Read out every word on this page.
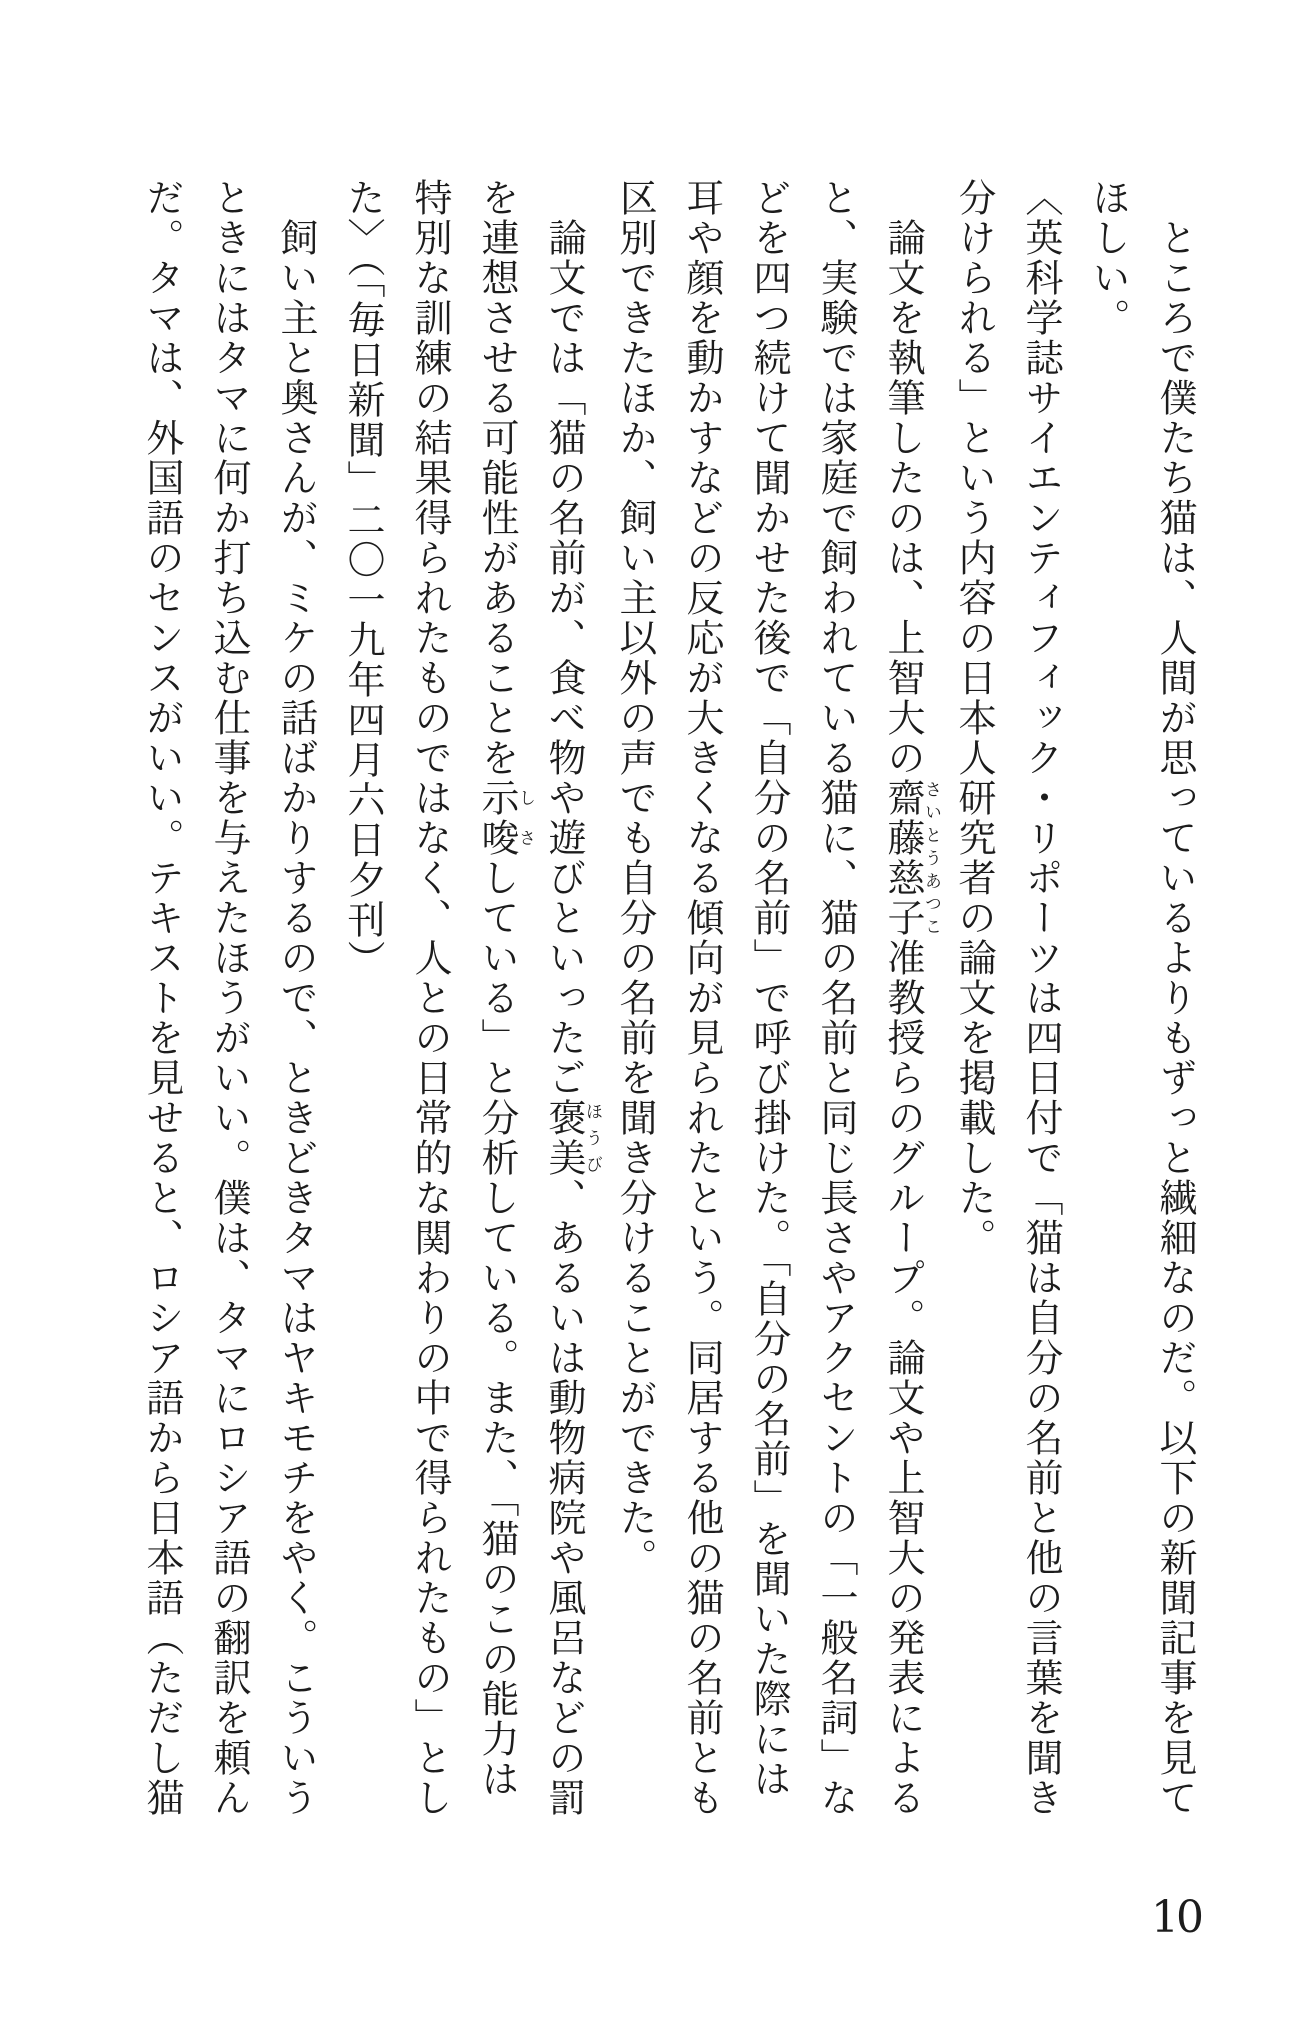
ところで僕たち猫は、人間が思っているよりもずっと繊細なのだ。以下の新聞記事を見てほしい。

〈英科学誌サイエンティフィック・リポーツは四日付で「猫は自分の名前と他の言葉を聞き分けられる」という内容の日本人研究者の論文を掲載した。

論文を執筆したのは、上智大の齋藤慈子さいとうあつこ准教授らのグループ。論文や上智大の発表によると、実験では家庭で飼われている猫に、猫の名前と同じ長さやアクセントの「一般名詞」などを四つ続けて聞かせた後で「自分の名前」で呼び掛けた。「自分の名前」を聞いた際には耳や顔を動かすなどの反応が大きくなる傾向が見られたという。同居する他の猫の名前とも区別できたほか、飼い主以外の声でも自分の名前を聞き分けることができた。

論文では「猫の名前が、食べ物や遊びといったご褒美ほうび、あるいは動物病院や風呂などの罰を連想させる可能性があることを示唆しさしている」と分析している。また、「猫のこの能力は特別な訓練の結果得られたものではなく、人との日常的な関わりの中で得られたもの」とした〉（「毎日新聞」二〇一九年四月六日夕刊）

飼い主と奥さんが、ミケの話ばかりするので、ときどきタマはヤキモチをやく。こういうときにはタマに何か打ち込む仕事を与えたほうがいい。僕は、タマにロシア語の翻訳を頼んだ。タマは、外国語のセンスがいい。テキストを見せると、ロシア語から日本語（ただし猫

10
